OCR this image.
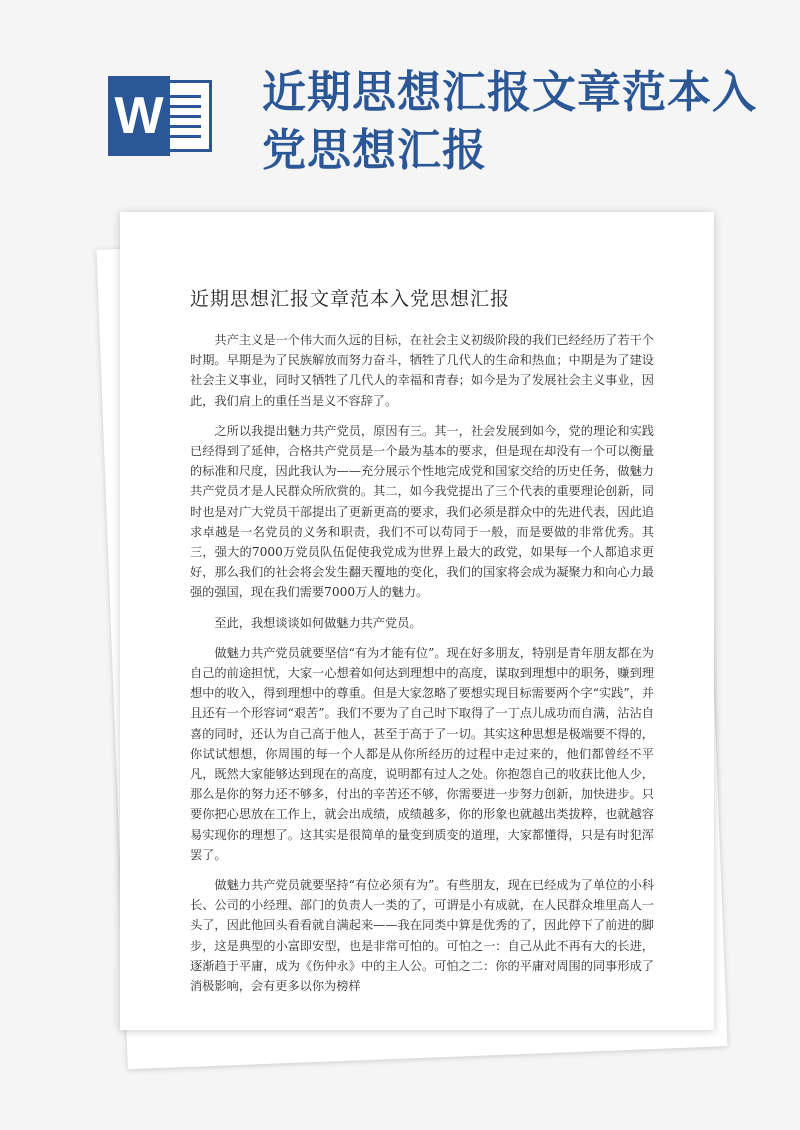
W 近期思想汇报文章范本入党思想汇报
近期思想汇报文章范本入党思想汇报

共产主义是一个伟大而久远的目标，在社会主义初级阶段的我们已经经历了若干个时期。早期是为了民族解放而努力奋斗，牺牲了几代人的生命和热血；中期是为了建设社会主义事业，同时又牺牲了几代人的幸福和青春；如今是为了发展社会主义事业，因此，我们肩上的重任当是义不容辞了。

之所以我提出魅力共产党员，原因有三。其一，社会发展到如今，党的理论和实践已经得到了延伸，合格共产党员是一个最为基本的要求，但是现在却没有一个可以衡量的标准和尺度，因此我认为——充分展示个性地完成党和国家交给的历史任务，做魅力共产党员才是人民群众所欣赏的。其二，如今我党提出了三个代表的重要理论创新，同时也是对广大党员干部提出了更新更高的要求，我们必须是群众中的先进代表，因此追求卓越是一名党员的义务和职责，我们不可以苟同于一般，而是要做的非常优秀。其三，强大的7000万党员队伍促使我党成为世界上最大的政党，如果每一个人都追求更好，那么我们的社会将会发生翻天覆地的变化，我们的国家将会成为凝聚力和向心力最强的强国，现在我们需要7000万人的魅力。

至此，我想谈谈如何做魅力共产党员。

做魅力共产党员就要坚信“有为才能有位”。现在好多朋友，特别是青年朋友都在为自己的前途担忧，大家一心想着如何达到理想中的高度，谋取到理想中的职务，赚到理想中的收入，得到理想中的尊重。但是大家忽略了要想实现目标需要两个字“实践”，并且还有一个形容词“艰苦”。我们不要为了自己时下取得了一丁点儿成功而自满，沾沾自喜的同时，还认为自己高于他人，甚至于高于了一切。其实这种思想是极端要不得的，你试试想想，你周围的每一个人都是从你所经历的过程中走过来的，他们都曾经不平凡，既然大家能够达到现在的高度，说明都有过人之处。你抱怨自己的收获比他人少，那么是你的努力还不够多，付出的辛苦还不够，你需要进一步努力创新，加快进步。只要你把心思放在工作上，就会出成绩，成绩越多，你的形象也就越出类拔粹，也就越容易实现你的理想了。这其实是很简单的量变到质变的道理，大家都懂得，只是有时犯浑罢了。

做魅力共产党员就要坚持“有位必须有为”。有些朋友，现在已经成为了单位的小科长、公司的小经理、部门的负责人一类的了，可谓是小有成就，在人民群众堆里高人一头了，因此他回头看看就自满起来——我在同类中算是优秀的了，因此停下了前进的脚步，这是典型的小富即安型，也是非常可怕的。可怕之一：自己从此不再有大的长进，逐渐趋于平庸，成为《伤仲永》中的主人公。可怕之二：你的平庸对周围的同事形成了消极影响，会有更多以你为榜样
